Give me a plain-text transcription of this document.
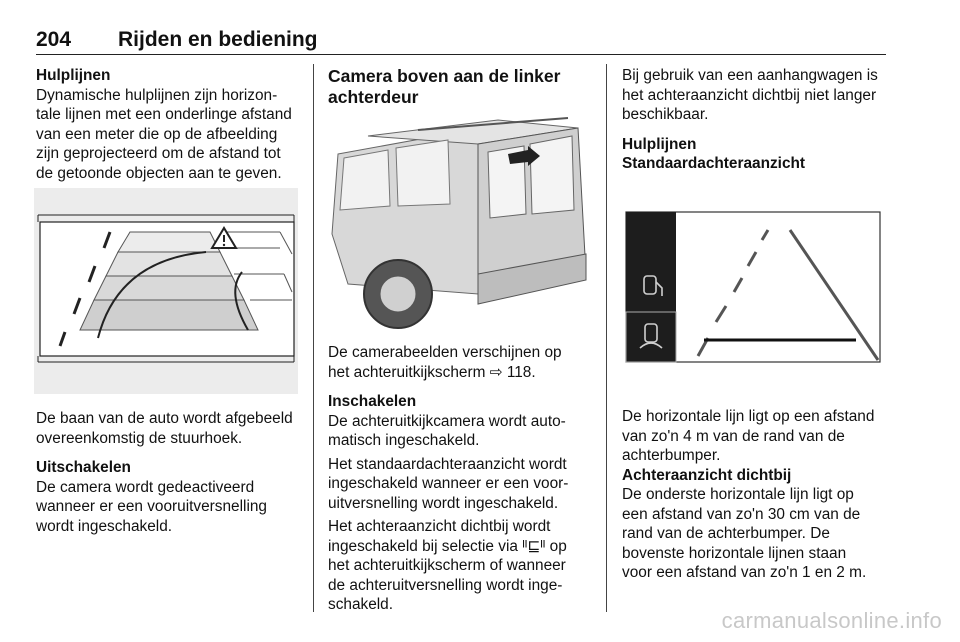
204 Rijden en bediening

Hulplijnen

Dynamische hulplijnen zijn horizon-

tale lijnen met een onderlinge afstand

van een meter die op de afbeelding

zijn geprojecteerd om de afstand tot

de getoonde objecten aan te geven.

De baan van de auto wordt afgebeeld

overeenkomstig de stuurhoek.

Uitschakelen

De camera wordt gedeactiveerd

wanneer er een vooruitversnelling

wordt ingeschakeld.

Camera boven aan de linker

achterdeur

De camerabeelden verschijnen op

het achteruitkijkscherm ⇨ 118.

Inschakelen

De achteruitkijkcamera wordt auto-

matisch ingeschakeld.

Het standaardachteraanzicht wordt

ingeschakeld wanneer er een voor-

uitversnelling wordt ingeschakeld.

Het achteraanzicht dichtbij wordt

ingeschakeld bij selectie via ᴵᴵ⊑ᴵᴵ op

het achteruitkijkscherm of wanneer

de achteruitversnelling wordt inge-

schakeld.

Bij gebruik van een aanhangwagen is

het achteraanzicht dichtbij niet langer

beschikbaar.

Hulplijnen

Standaardachteraanzicht

De horizontale lijn ligt op een afstand

van zo'n 4 m van de rand van de

achterbumper.

Achteraanzicht dichtbij

De onderste horizontale lijn ligt op

een afstand van zo'n 30 cm van de

rand van de achterbumper. De

bovenste horizontale lijnen staan

voor een afstand van zo'n 1 en 2 m.

carmanualsonline.info
